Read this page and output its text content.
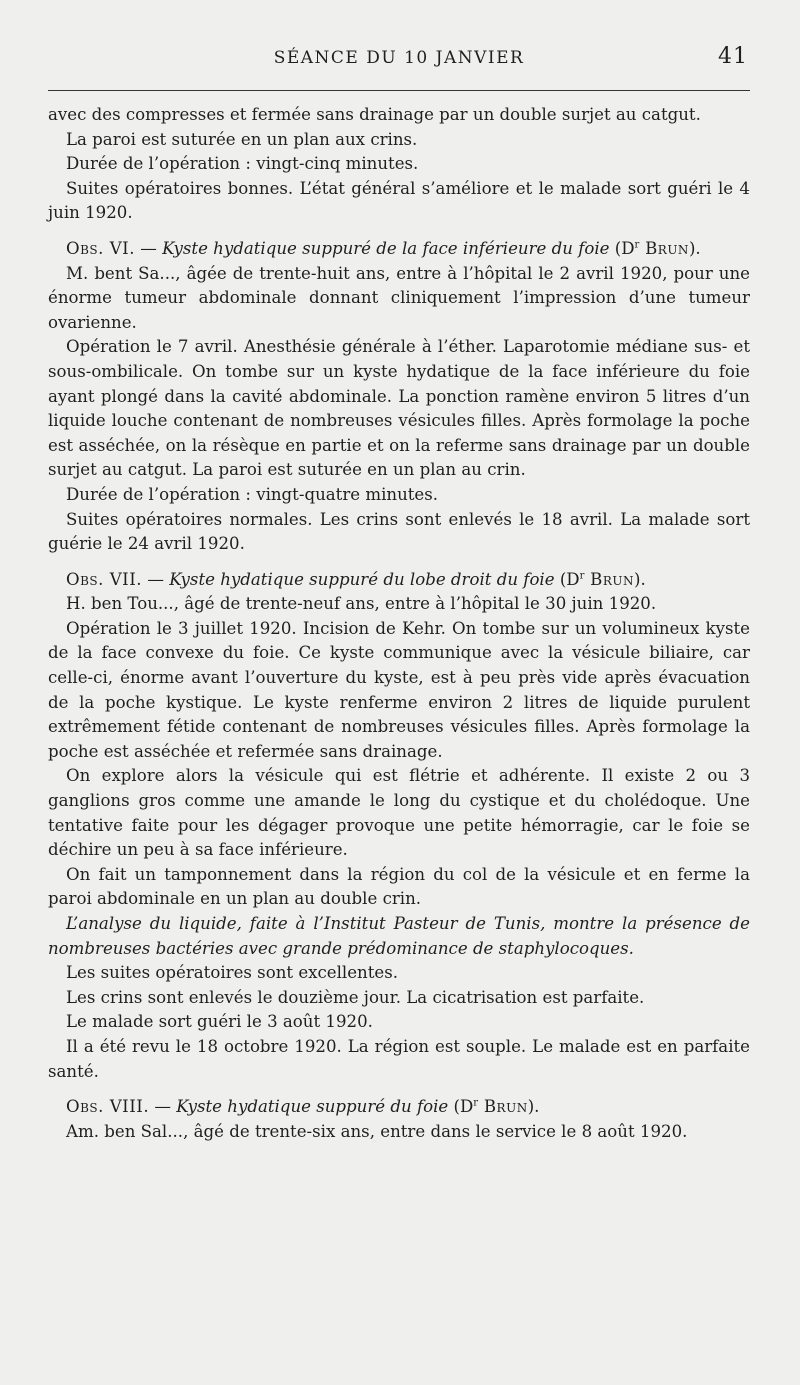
SÉANCE DU 10 JANVIER	41

avec des compresses et fermée sans drainage par un double surjet au catgut.

La paroi est suturée en un plan aux crins.

Durée de l’opération : vingt-cinq minutes.

Suites opératoires bonnes. L’état général s’améliore et le malade sort guéri le 4 juin 1920.

Obs. VI. — Kyste hydatique suppuré de la face inférieure du foie ($D^r$ Brun).

M. bent Sa..., âgée de trente-huit ans, entre à l’hôpital le 2 avril 1920, pour une énorme tumeur abdominale donnant cliniquement l’impression d’une tumeur ovarienne.

Opération le 7 avril. Anesthésie générale à l’éther. Laparotomie médiane sus- et sous-ombilicale. On tombe sur un kyste hydatique de la face inférieure du foie ayant plongé dans la cavité abdominale. La ponction ramène environ 5 litres d’un liquide louche contenant de nombreuses vésicules filles. Après formolage la poche est asséchée, on la résèque en partie et on la referme sans drainage par un double surjet au catgut. La paroi est suturée en un plan au crin.

Durée de l’opération : vingt-quatre minutes.

Suites opératoires normales. Les crins sont enlevés le 18 avril. La malade sort guérie le 24 avril 1920.

Obs. VII. — Kyste hydatique suppuré du lobe droit du foie ($D^r$ Brun).

H. ben Tou..., âgé de trente-neuf ans, entre à l’hôpital le 30 juin 1920.

Opération le 3 juillet 1920. Incision de Kehr. On tombe sur un volumineux kyste de la face convexe du foie. Ce kyste communique avec la vésicule biliaire, car celle-ci, énorme avant l’ouverture du kyste, est à peu près vide après évacuation de la poche kystique. Le kyste renferme environ 2 litres de liquide purulent extrêmement fétide contenant de nombreuses vésicules filles. Après formolage la poche est asséchée et refermée sans drainage.

On explore alors la vésicule qui est flétrie et adhérente. Il existe 2 ou 3 ganglions gros comme une amande le long du cystique et du cholédoque. Une tentative faite pour les dégager provoque une petite hémorragie, car le foie se déchire un peu à sa face inférieure.

On fait un tamponnement dans la région du col de la vésicule et en ferme la paroi abdominale en un plan au double crin.

L’analyse du liquide, faite à l’Institut Pasteur de Tunis, montre la présence de nombreuses bactéries avec grande prédominance de staphylocoques.

Les suites opératoires sont excellentes.

Les crins sont enlevés le douzième jour. La cicatrisation est parfaite.

Le malade sort guéri le 3 août 1920.

Il a été revu le 18 octobre 1920. La région est souple. Le malade est en parfaite santé.

Obs. VIII. — Kyste hydatique suppuré du foie ($D^r$ Brun).

Am. ben Sal..., âgé de trente-six ans, entre dans le service le 8 août 1920.
